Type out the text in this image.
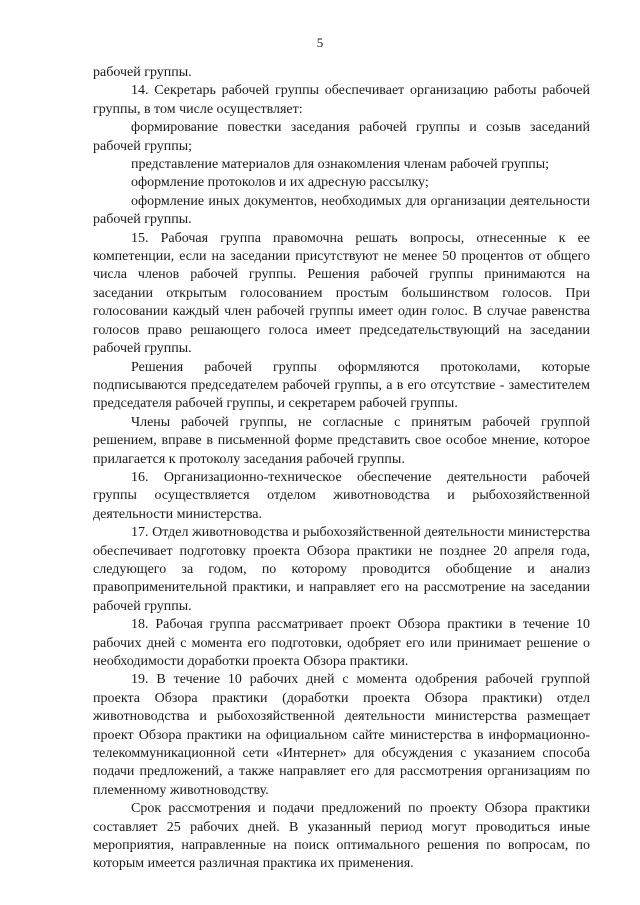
5

рабочей группы.

14. Секретарь рабочей группы обеспечивает организацию работы рабочей группы, в том числе осуществляет:

формирование повестки заседания рабочей группы и созыв заседаний рабочей группы;

представление материалов для ознакомления членам рабочей группы;

оформление протоколов и их адресную рассылку;

оформление иных документов, необходимых для организации деятельности рабочей группы.

15. Рабочая группа правомочна решать вопросы, отнесенные к ее компетенции, если на заседании присутствуют не менее 50 процентов от общего числа членов рабочей группы. Решения рабочей группы принимаются на заседании открытым голосованием простым большинством голосов. При голосовании каждый член рабочей группы имеет один голос. В случае равенства голосов право решающего голоса имеет председательствующий на заседании рабочей группы.

Решения рабочей группы оформляются протоколами, которые подписываются председателем рабочей группы, а в его отсутствие - заместителем председателя рабочей группы, и секретарем рабочей группы.

Члены рабочей группы, не согласные с принятым рабочей группой решением, вправе в письменной форме представить свое особое мнение, которое прилагается к протоколу заседания рабочей группы.

16. Организационно-техническое обеспечение деятельности рабочей группы осуществляется отделом животноводства и рыбохозяйственной деятельности министерства.

17. Отдел животноводства и рыбохозяйственной деятельности министерства обеспечивает подготовку проекта Обзора практики не позднее 20 апреля года, следующего за годом, по которому проводится обобщение и анализ правоприменительной практики, и направляет его на рассмотрение на заседании рабочей группы.

18. Рабочая группа рассматривает проект Обзора практики в течение 10 рабочих дней с момента его подготовки, одобряет его или принимает решение о необходимости доработки проекта Обзора практики.

19. В течение 10 рабочих дней с момента одобрения рабочей группой проекта Обзора практики (доработки проекта Обзора практики) отдел животноводства и рыбохозяйственной деятельности министерства размещает проект Обзора практики на официальном сайте министерства в информационно-телекоммуникационной сети «Интернет» для обсуждения с указанием способа подачи предложений, а также направляет его для рассмотрения организациям по племенному животноводству.

Срок рассмотрения и подачи предложений по проекту Обзора практики составляет 25 рабочих дней. В указанный период могут проводиться иные мероприятия, направленные на поиск оптимального решения по вопросам, по которым имеется различная практика их применения.
